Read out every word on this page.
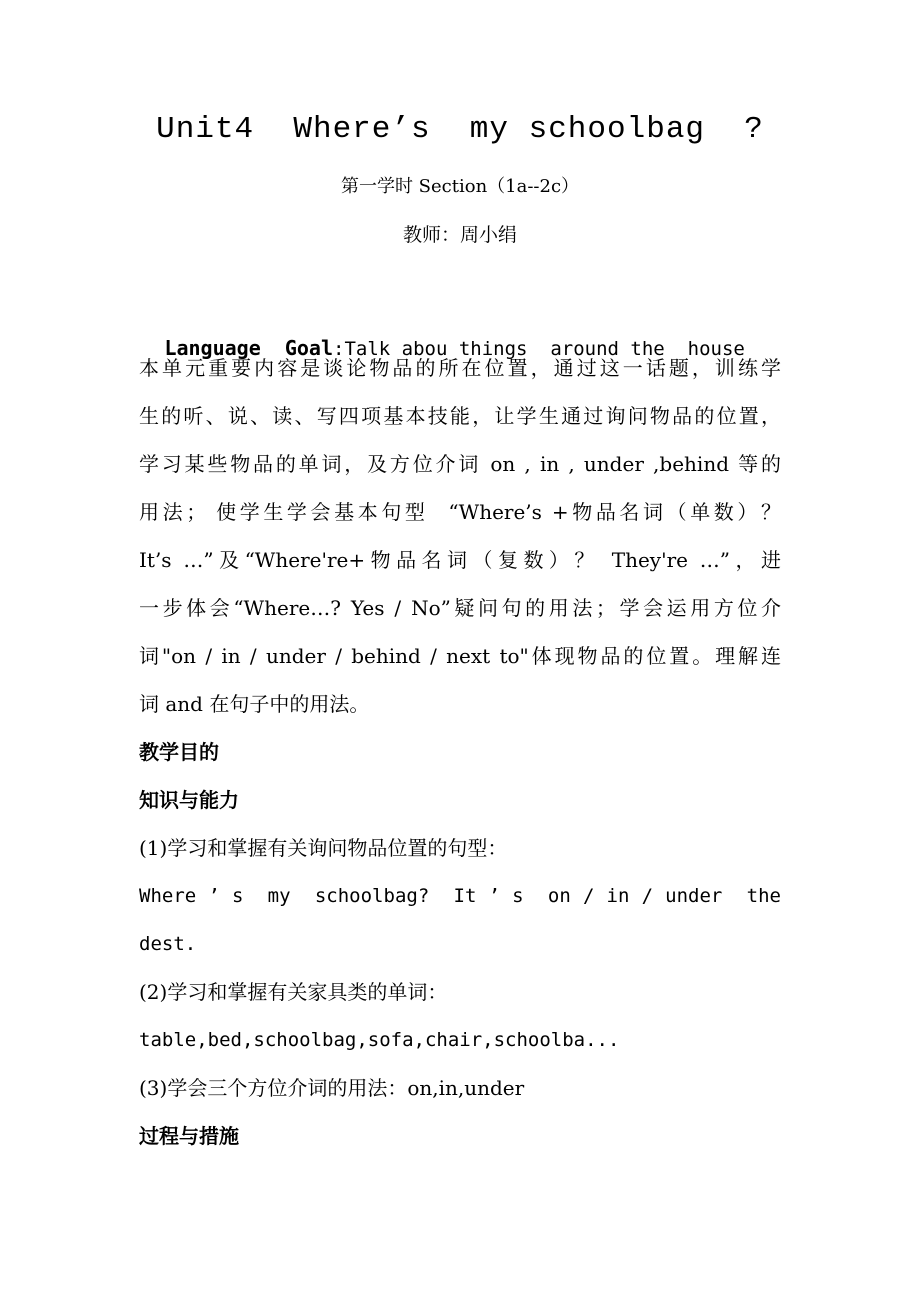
Unit4  Where’s  my schoolbag  ?
第一学时 Section（1a--2c）
教师：周小绢

Language  Goal:Talk abou things  around the  house

本单元重要内容是谈论物品的所在位置，通过这一话题，训练学
生的听、说、读、写四项基本技能，让学生通过询问物品的位置，
学习某些物品的单词，及方位介词 on , in , under ,behind 等的
用法； 使学生学会基本句型  “Where’s +物品名词（单数）？
It’s …”及“Where're+物品名词（复数）？ They're …”，进
一步体会“Where…? Yes / No”疑问句的用法；学会运用方位介
词"on / in / under / behind / next to"体现物品的位置。理解连
词 and 在句子中的用法。
教学目的
知识与能力
(1)学习和掌握有关询问物品位置的句型：
Where ’ s  my  schoolbag?  It ’ s  on / in / under  the
dest.
(2)学习和掌握有关家具类的单词：
table,bed,schoolbag,sofa,chair,schoolba...
(3)学会三个方位介词的用法：on,in,under
过程与措施
